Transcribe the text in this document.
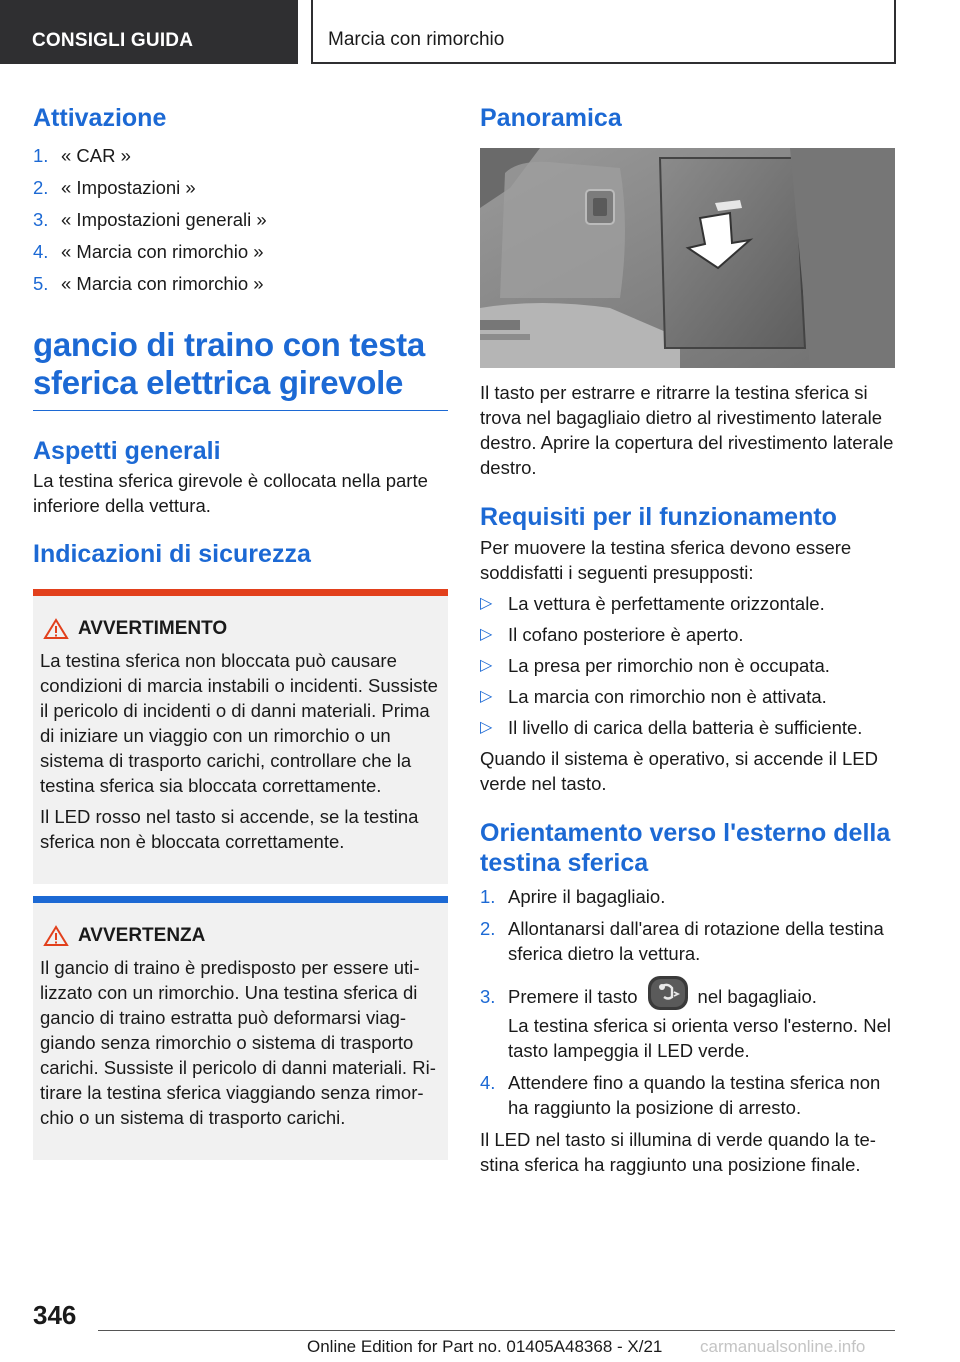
CONSIGLI GUIDA	Marcia con rimorchio
Attivazione
1. « CAR »
2. « Impostazioni »
3. « Impostazioni generali »
4. « Marcia con rimorchio »
5. « Marcia con rimorchio »
gancio di traino con testa sferica elettrica girevole
Aspetti generali

La testina sferica girevole è collocata nella parte inferiore della vettura.

Indicazioni di sicurezza
AVVERTIMENTO

La testina sferica non bloccata può causare condizioni di marcia instabili o incidenti. Sussiste il pericolo di incidenti o di danni materiali. Prima di iniziare un viaggio con un rimorchio o un sistema di trasporto carichi, controllare che la testina sferica sia bloccata correttamente.

Il LED rosso nel tasto si accende, se la testina sferica non è bloccata correttamente.

AVVERTENZA

Il gancio di traino è predisposto per essere utilizzato con un rimorchio. Una testina sferica di gancio di traino estratta può deformarsi viaggiando senza rimorchio o sistema di trasporto carichi. Sussiste il pericolo di danni materiali. Ritirare la testina sferica viaggiando senza rimorchio o un sistema di trasporto carichi.

Panoramica

Il tasto per estrarre e ritrarre la testina sferica si trova nel bagagliaio dietro al rivestimento laterale destro. Aprire la copertura del rivestimento laterale destro.

Requisiti per il funzionamento

Per muovere la testina sferica devono essere soddisfatti i seguenti presupposti:

▷ La vettura è perfettamente orizzontale.
▷ Il cofano posteriore è aperto.
▷ La presa per rimorchio non è occupata.
▷ La marcia con rimorchio non è attivata.
▷ Il livello di carica della batteria è sufficiente.

Quando il sistema è operativo, si accende il LED verde nel tasto.

Orientamento verso l'esterno della testina sferica
1. Aprire il bagagliaio.
2. Allontanarsi dall'area di rotazione della testina sferica dietro la vettura.
3. Premere il tasto	nel bagagliaio.

La testina sferica si orienta verso l'esterno. Nel tasto lampeggia il LED verde.

4. Attendere fino a quando la testina sferica non ha raggiunto la posizione di arresto.

Il LED nel tasto si illumina di verde quando la testina sferica ha raggiunto una posizione finale.

346
Online Edition for Part no. 01405A48368 - X/21 carmanualsonline.info
